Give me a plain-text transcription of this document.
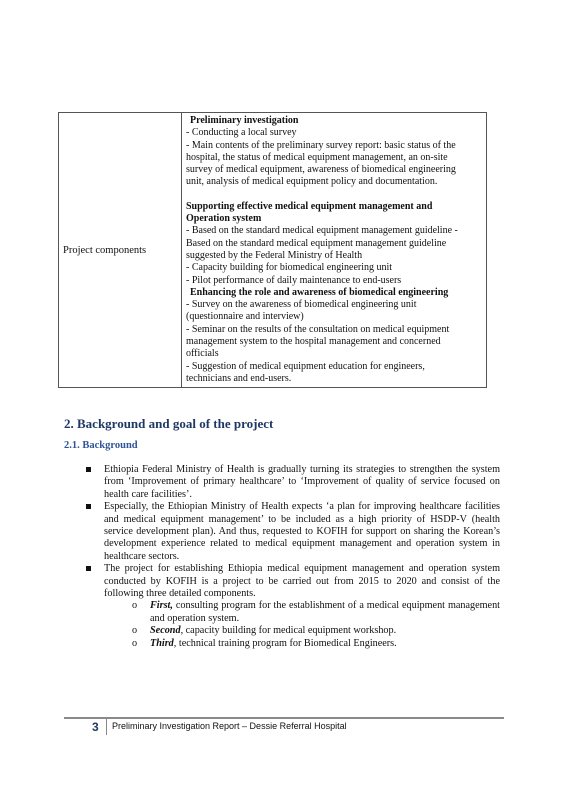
Project components	
Preliminary investigation
- Conducting a local survey
- Main contents of the preliminary survey report: basic status of the
hospital, the status of medical equipment management, an on-site
survey of medical equipment, awareness of biomedical engineering
unit, analysis of medical equipment policy and documentation.
Supporting effective medical equipment management and
Operation system
- Based on the standard medical equipment management guideline -
Based on the standard medical equipment management guideline
suggested by the Federal Ministry of Health
- Capacity building for biomedical engineering unit
- Pilot performance of daily maintenance to end-users
Enhancing the role and awareness of biomedical engineering
- Survey on the awareness of biomedical engineering unit
(questionnaire and interview)
- Seminar on the results of the consultation on medical equipment
management system to the hospital management and concerned
officials
- Suggestion of medical equipment education for engineers,
technicians and end-users.
2. Background and goal of the project
2.1. Background
Ethiopia Federal Ministry of Health is gradually turning its strategies to strengthen the system from ‘Improvement of primary healthcare’ to ‘Improvement of quality of service focused on health care facilities’.
Especially, the Ethiopian Ministry of Health expects ‘a plan for improving healthcare facilities and medical equipment management’ to be included as a high priority of HSDP-V (health service development plan). And thus, requested to KOFIH for support on sharing the Korean’s development experience related to medical equipment management and operation system in healthcare sectors.
The project for establishing Ethiopia medical equipment management and operation system conducted by KOFIH is a project to be carried out from 2015 to 2020 and consist of the following three detailed components.
o First, consulting program for the establishment of a medical equipment management and operation system.
o Second, capacity building for medical equipment workshop.
o Third, technical training program for Biomedical Engineers.
3 Preliminary Investigation Report – Dessie Referral Hospital
